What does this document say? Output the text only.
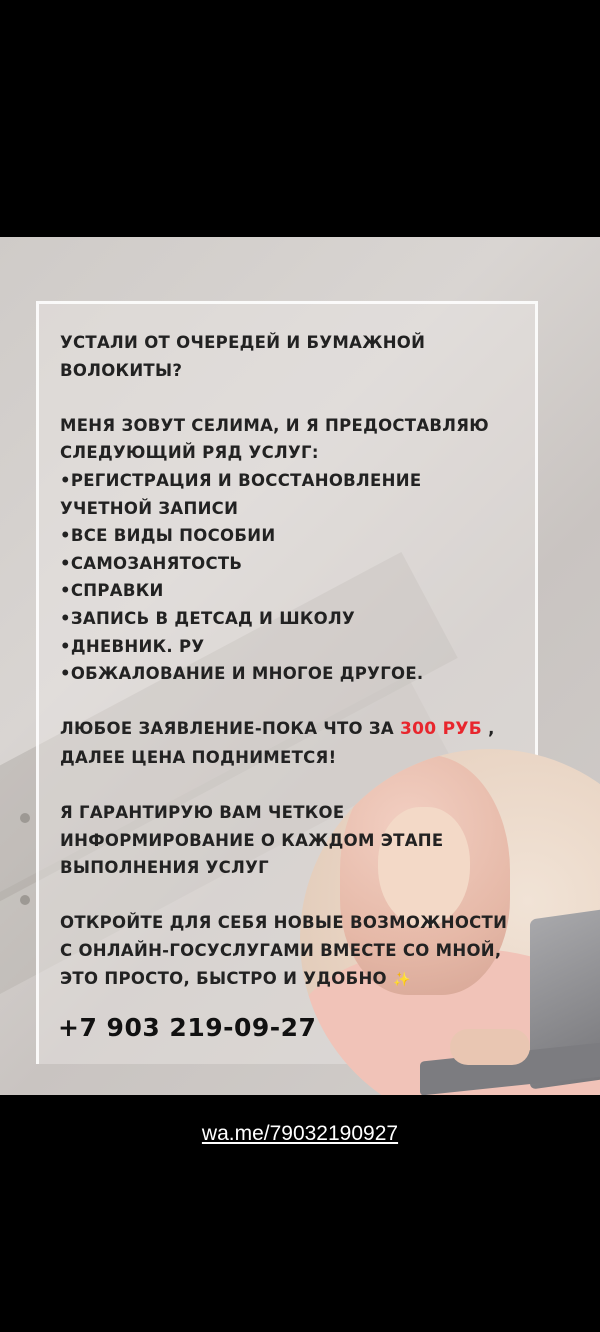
УСТАЛИ ОТ ОЧЕРЕДЕЙ И БУМАЖНОЙ

ВОЛОКИТЫ?

МЕНЯ ЗОВУТ СЕЛИМА, И Я ПРЕДОСТАВЛЯЮ

СЛЕДУЮЩИЙ РЯД УСЛУГ:

•РЕГИСТРАЦИЯ И ВОССТАНОВЛЕНИЕ

УЧЕТНОЙ ЗАПИСИ

•ВСЕ ВИДЫ ПОСОБИИ

•САМОЗАНЯТОСТЬ

•СПРАВКИ

•ЗАПИСЬ В ДЕТСАД И ШКОЛУ

•ДНЕВНИК. РУ

•ОБЖАЛОВАНИЕ И МНОГОЕ ДРУГОЕ.

ЛЮБОЕ ЗАЯВЛЕНИЕ-ПОКА ЧТО ЗА 300 РУБ ,

ДАЛЕЕ ЦЕНА ПОДНИМЕТСЯ!

Я ГАРАНТИРУЮ ВАМ ЧЕТКОЕ

ИНФОРМИРОВАНИЕ О КАЖДОМ ЭТАПЕ

ВЫПОЛНЕНИЯ УСЛУГ

ОТКРОЙТЕ ДЛЯ СЕБЯ НОВЫЕ ВОЗМОЖНОСТИ

С ОНЛАЙН-ГОСУСЛУГАМИ ВМЕСТЕ СО МНОЙ,

ЭТО ПРОСТО, БЫСТРО И УДОБНО ✨

+7 903 219-09-27
wa.me/79032190927
